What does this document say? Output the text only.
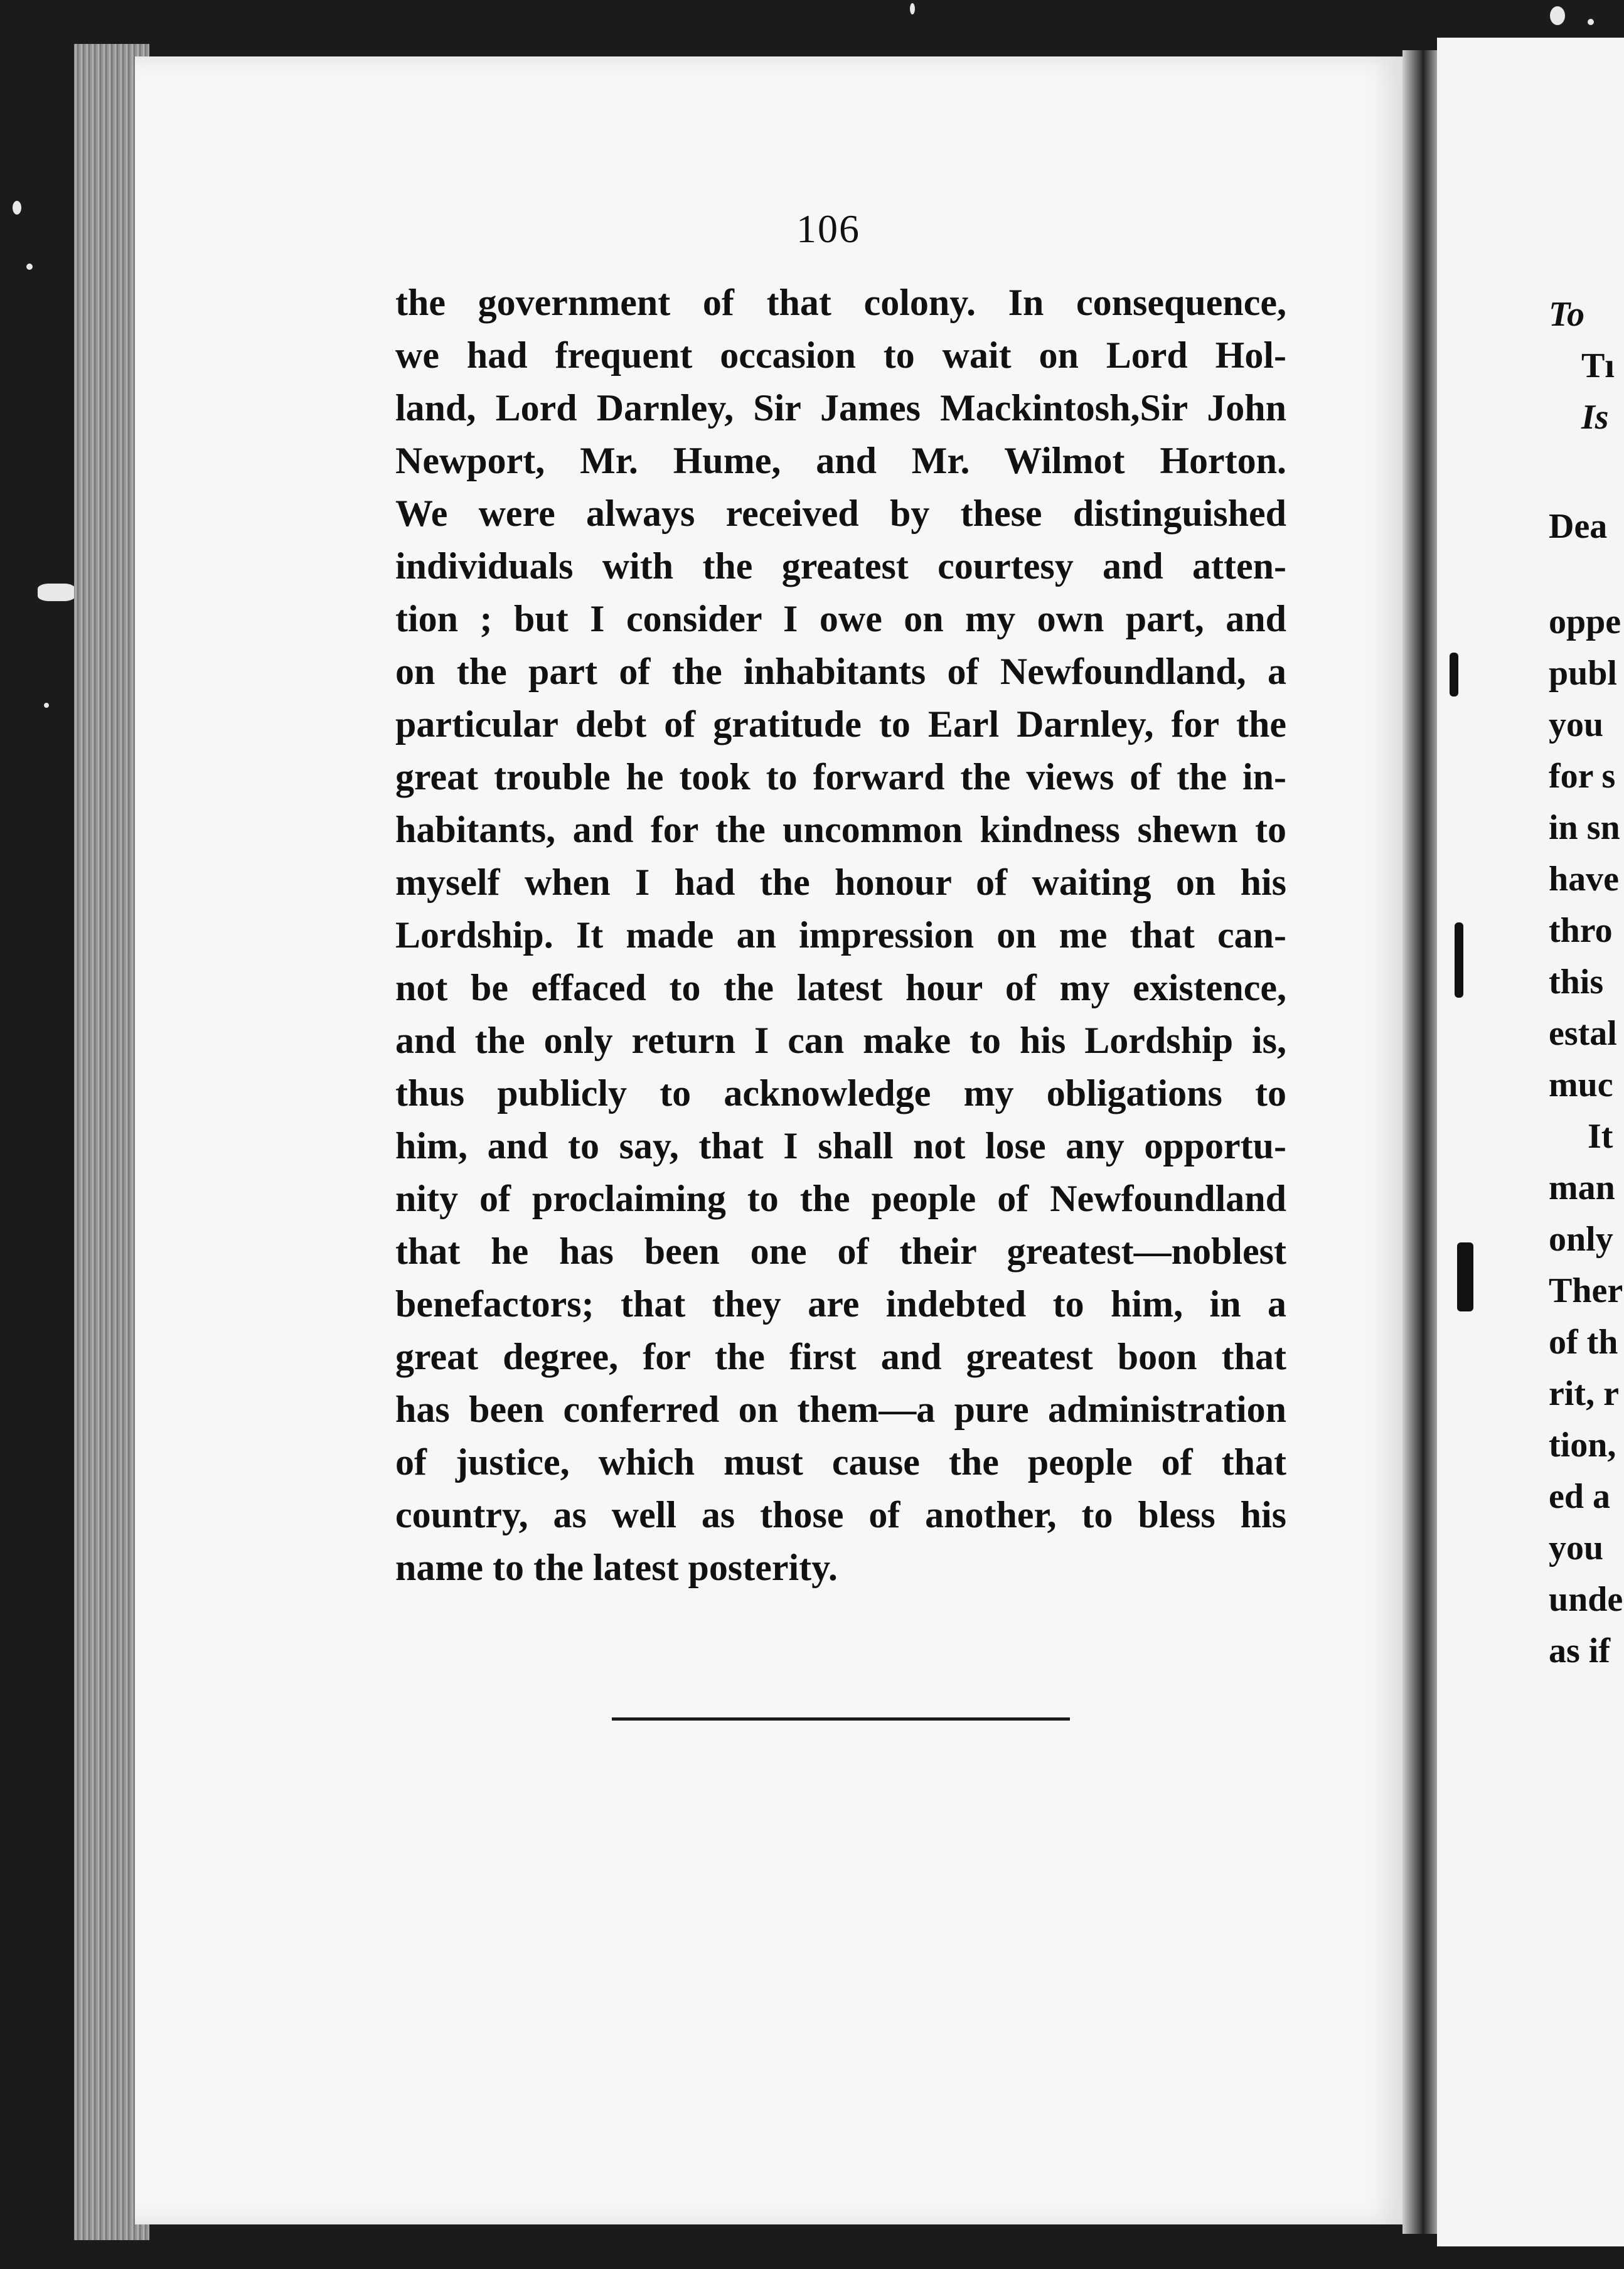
106
the government of that colony. In consequence,
we had frequent occasion to wait on Lord Hol-
land, Lord Darnley, Sir James Mackintosh,Sir John
Newport, Mr. Hume, and Mr. Wilmot Horton.
We were always received by these distinguished
individuals with the greatest courtesy and atten-
tion ; but I consider I owe on my own part, and
on the part of the inhabitants of Newfoundland, a
particular debt of gratitude to Earl Darnley, for the
great trouble he took to forward the views of the in-
habitants, and for the uncommon kindness shewn to
myself when I had the honour of waiting on his
Lordship. It made an impression on me that can-
not be effaced to the latest hour of my existence,
and the only return I can make to his Lordship is,
thus publicly to acknowledge my obligations to
him, and to say, that I shall not lose any opportu-
nity of proclaiming to the people of Newfoundland
that he has been one of their greatest—noblest
benefactors; that they are indebted to him, in a
great degree, for the first and greatest boon that
has been conferred on them—a pure administration
of justice, which must cause the people of that
country, as well as those of another, to bless his
name to the latest posterity.
To
Tı
Is
Dea
oppe
publ
you
for s
in sn
have
thro
this
estal
muc
It
man
only
Ther
of th
rit, r
tion,
ed a
you
unde
as if
